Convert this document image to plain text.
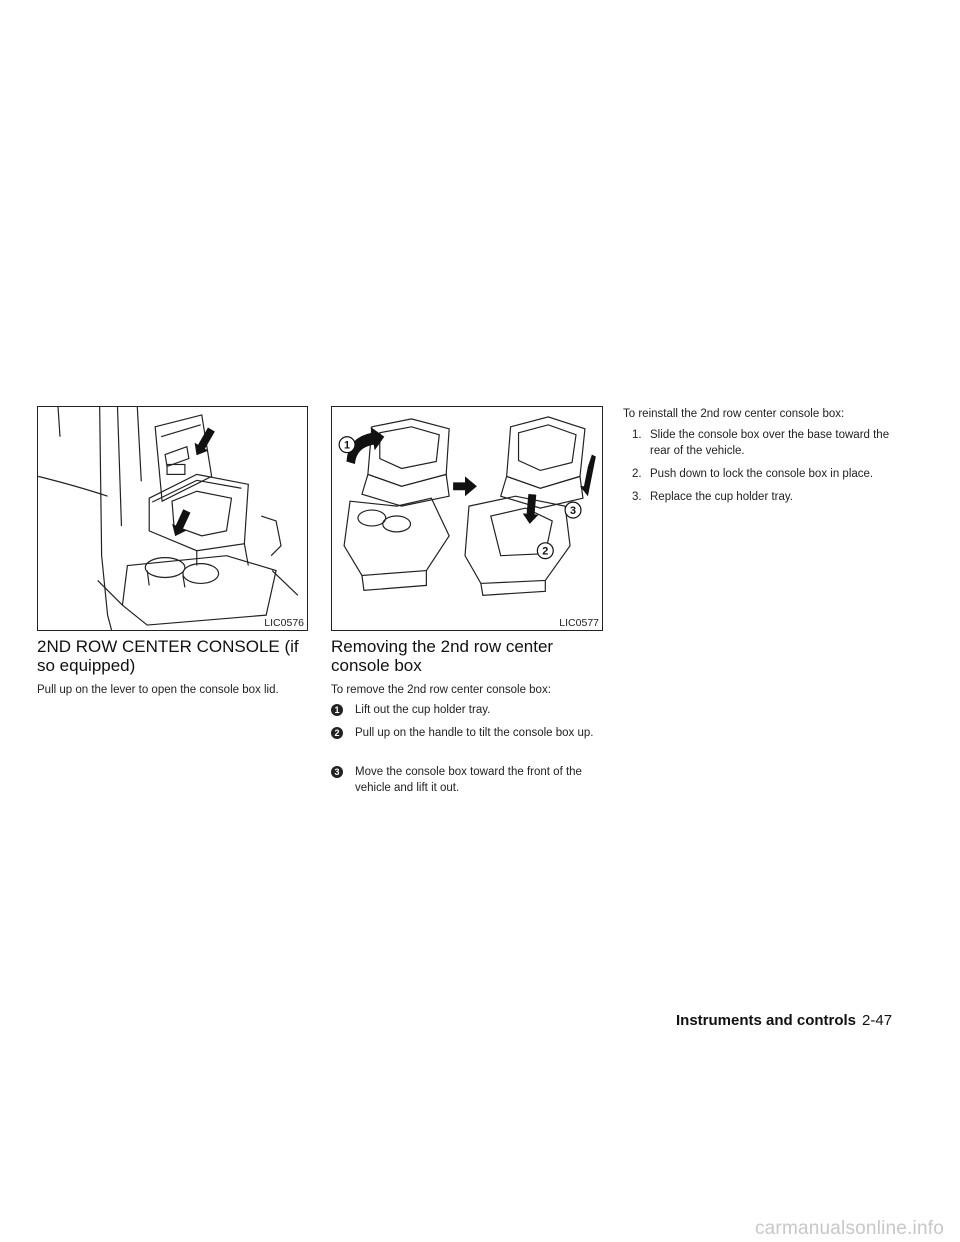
LIC0576
1
2
3
LIC0577
2ND ROW CENTER CONSOLE (if so equipped)

Pull up on the lever to open the console box lid.

Removing the 2nd row center console box

To remove the 2nd row center console box:

1	Lift out the cup holder tray.
2	Pull up on the handle to tilt the console box up.
3	Move the console box toward the front of the vehicle and lift it out.

To reinstall the 2nd row center console box:

1. Slide the console box over the base toward the rear of the vehicle.
2. Push down to lock the console box in place.
3. Replace the cup holder tray.
Instruments and controls 2-47
carmanualsonline.info
